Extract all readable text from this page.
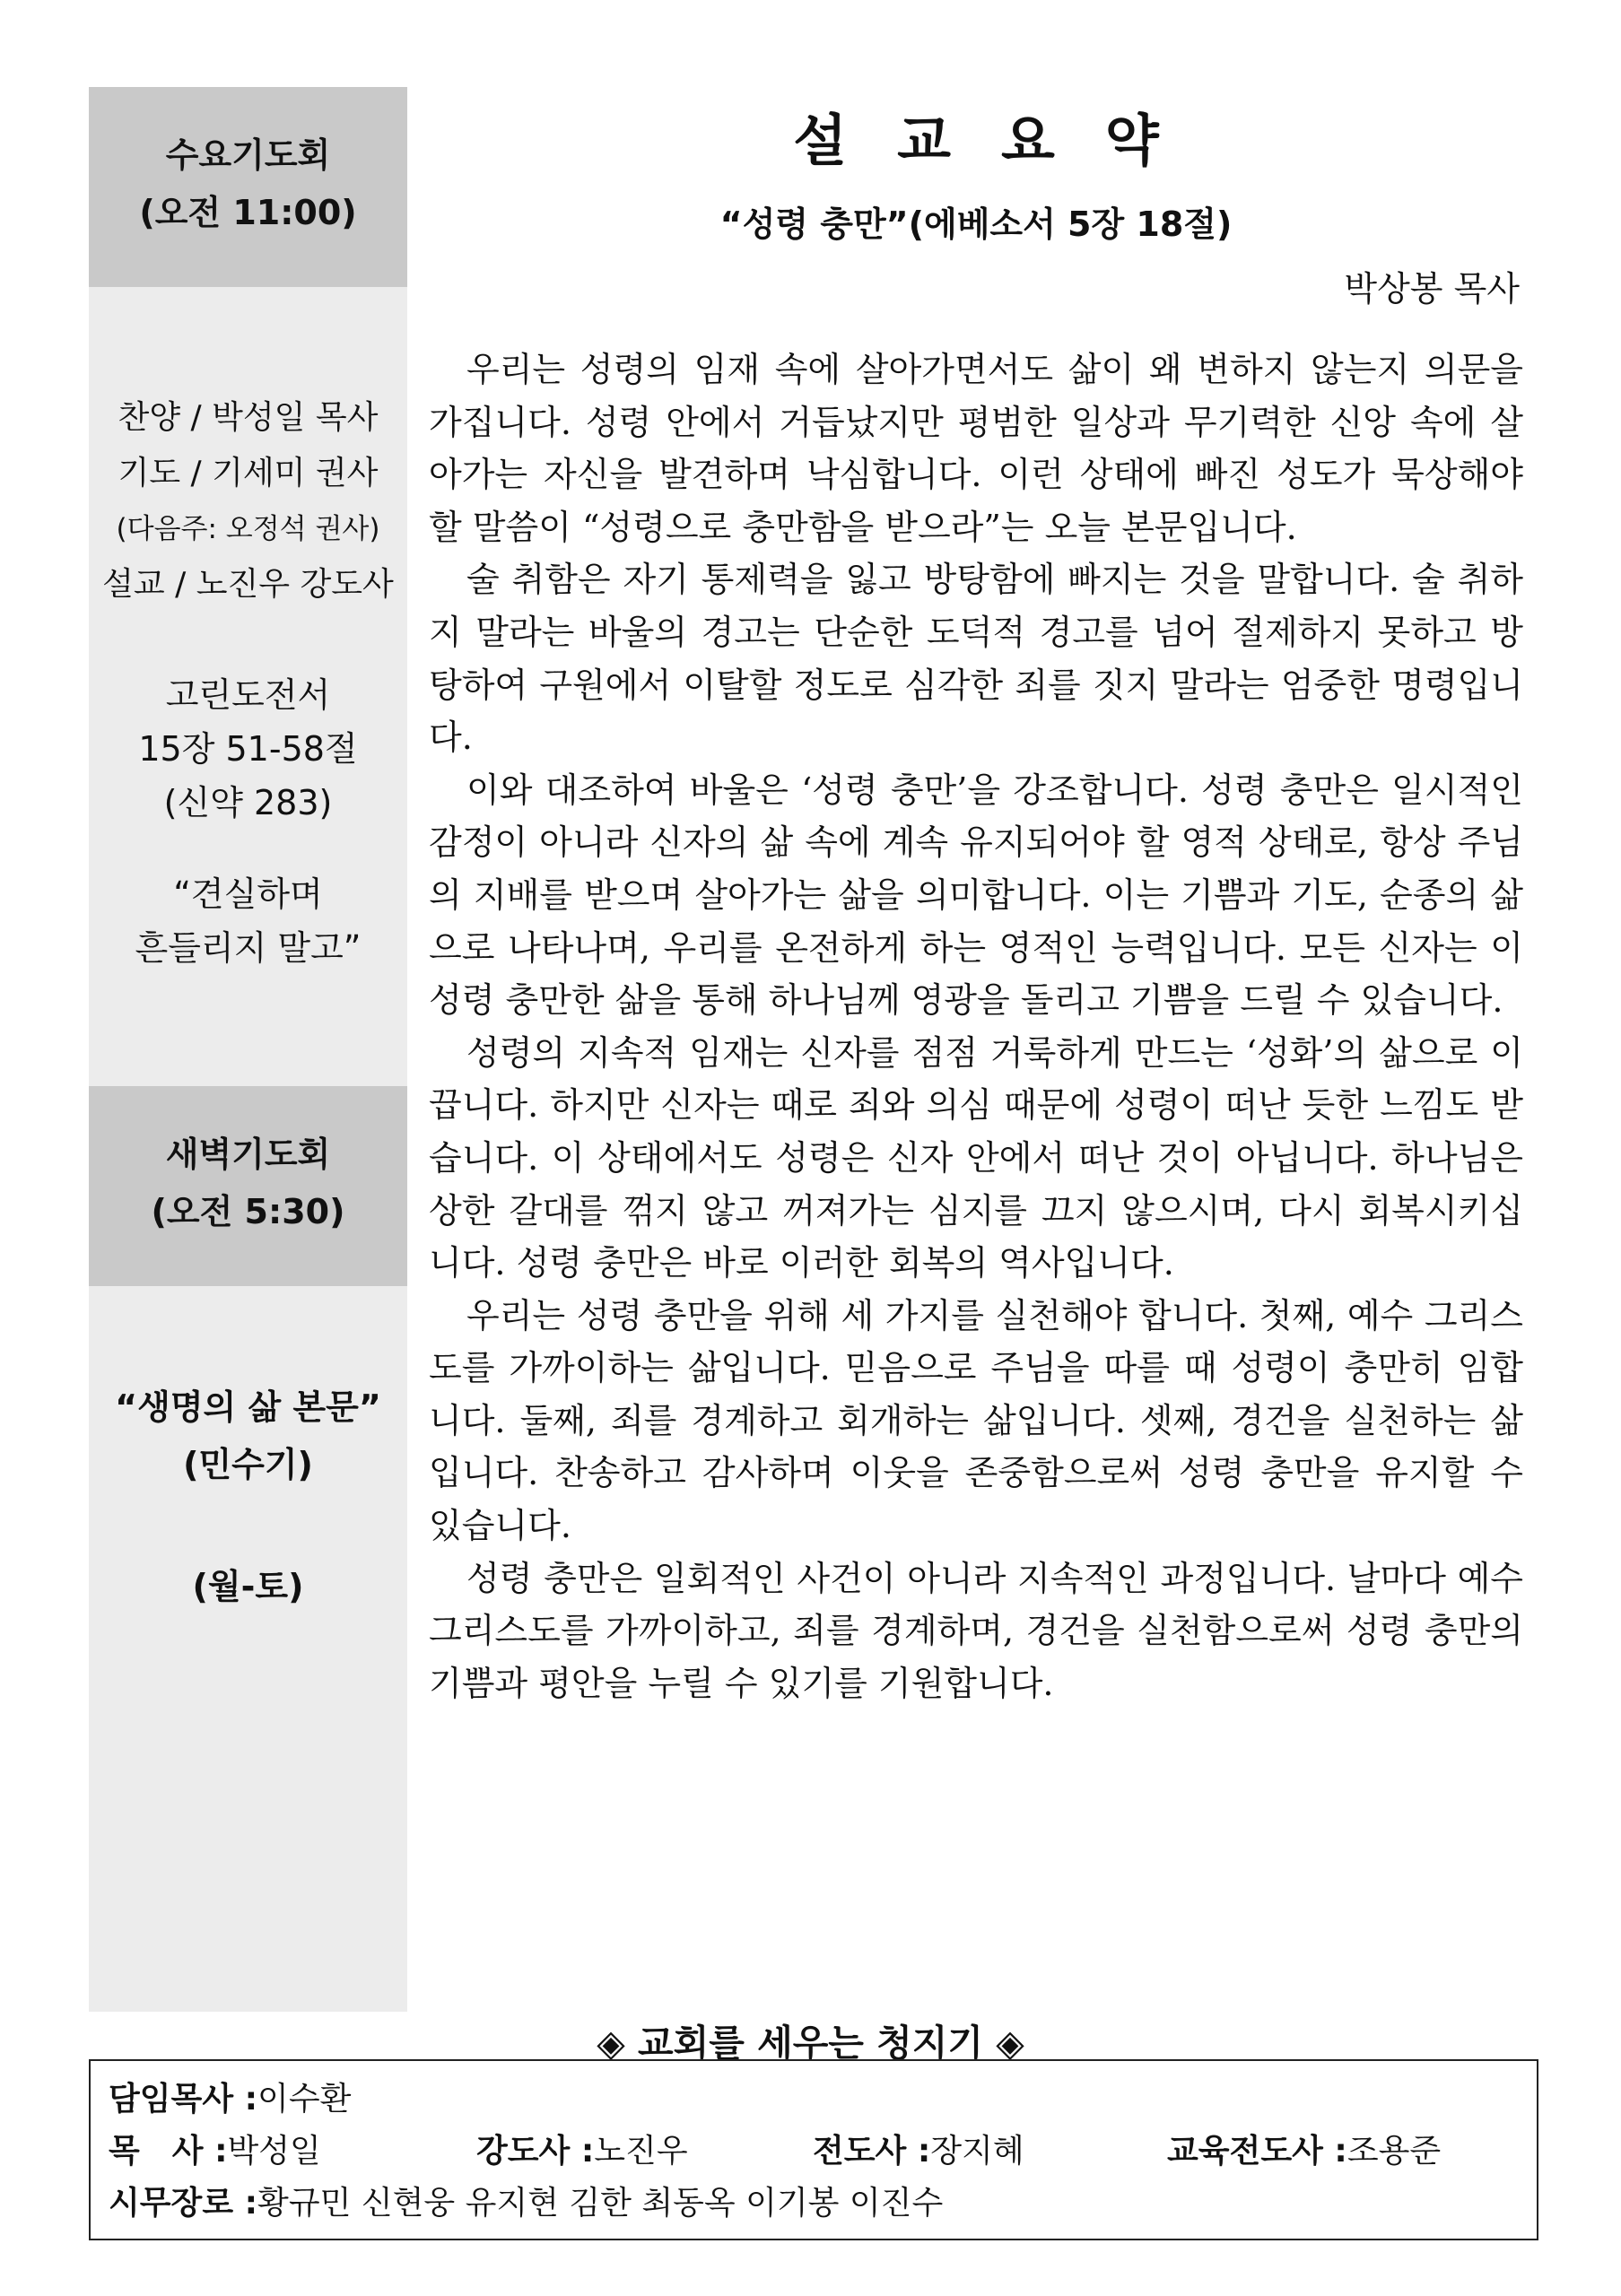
수요기도회
(오전 11:00)
찬양 / 박성일 목사
기도 / 기세미 권사
(다음주: 오정석 권사)
설교 / 노진우 강도사
고린도전서
15장 51-58절
(신약 283)
“견실하며
흔들리지 말고”
새벽기도회
(오전 5:30)
“생명의 삶 본문”
(민수기)
(월-토)
설교요약
“성령 충만”(에베소서 5장 18절)
박상봉 목사

우리는 성령의 임재 속에 살아가면서도 삶이 왜 변하지 않는지 의문을 가집니다. 성령 안에서 거듭났지만 평범한 일상과 무기력한 신앙 속에 살아가는 자신을 발견하며 낙심합니다. 이런 상태에 빠진 성도가 묵상해야 할 말씀이 “성령으로 충만함을 받으라”는 오늘 본문입니다.

술 취함은 자기 통제력을 잃고 방탕함에 빠지는 것을 말합니다. 술 취하지 말라는 바울의 경고는 단순한 도덕적 경고를 넘어 절제하지 못하고 방탕하여 구원에서 이탈할 정도로 심각한 죄를 짓지 말라는 엄중한 명령입니다.

이와 대조하여 바울은 ‘성령 충만’을 강조합니다. 성령 충만은 일시적인 감정이 아니라 신자의 삶 속에 계속 유지되어야 할 영적 상태로, 항상 주님의 지배를 받으며 살아가는 삶을 의미합니다. 이는 기쁨과 기도, 순종의 삶으로 나타나며, 우리를 온전하게 하는 영적인 능력입니다. 모든 신자는 이 성령 충만한 삶을 통해 하나님께 영광을 돌리고 기쁨을 드릴 수 있습니다.

성령의 지속적 임재는 신자를 점점 거룩하게 만드는 ‘성화’의 삶으로 이끕니다. 하지만 신자는 때로 죄와 의심 때문에 성령이 떠난 듯한 느낌도 받습니다. 이 상태에서도 성령은 신자 안에서 떠난 것이 아닙니다. 하나님은 상한 갈대를 꺾지 않고 꺼져가는 심지를 끄지 않으시며, 다시 회복시키십니다. 성령 충만은 바로 이러한 회복의 역사입니다.

우리는 성령 충만을 위해 세 가지를 실천해야 합니다. 첫째, 예수 그리스도를 가까이하는 삶입니다. 믿음으로 주님을 따를 때 성령이 충만히 임합니다. 둘째, 죄를 경계하고 회개하는 삶입니다. 셋째, 경건을 실천하는 삶입니다. 찬송하고 감사하며 이웃을 존중함으로써 성령 충만을 유지할 수 있습니다.

성령 충만은 일회적인 사건이 아니라 지속적인 과정입니다. 날마다 예수 그리스도를 가까이하고, 죄를 경계하며, 경건을 실천함으로써 성령 충만의 기쁨과 평안을 누릴 수 있기를 기원합니다.

◈ 교회를 세우는 청지기 ◈
담임목사 :이수환
목　사 :박성일	강도사 :노진우	전도사 :장지혜	교육전도사 :조용준
시무장로 :황규민 신현웅 유지현 김한 최동옥 이기봉 이진수
